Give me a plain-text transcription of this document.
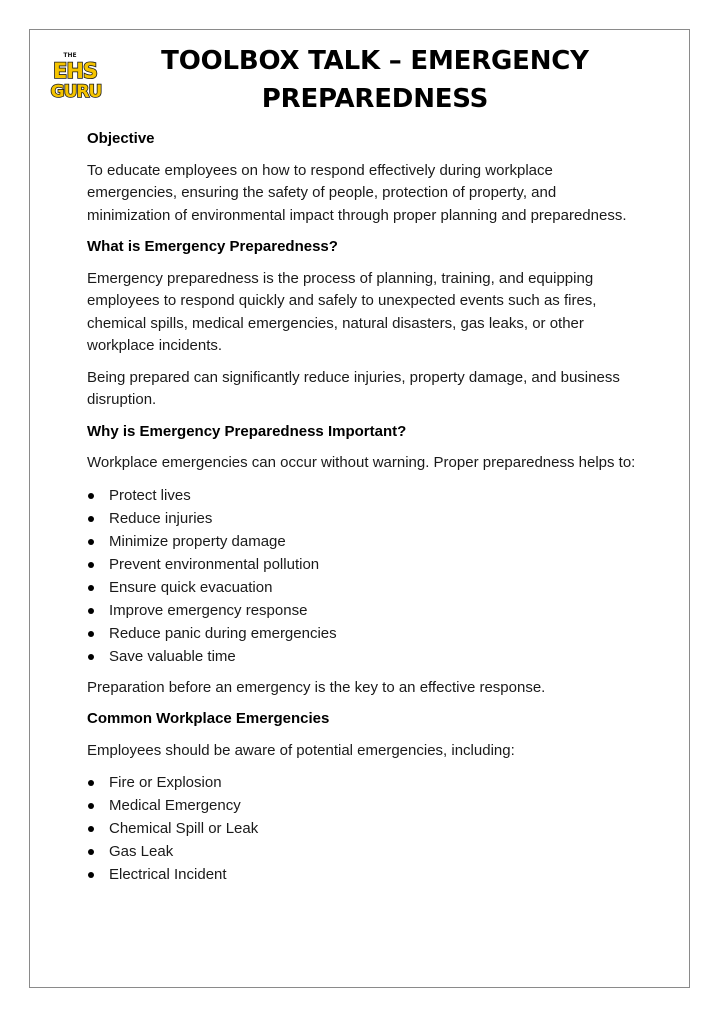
THE
EHS
GURU
TOOLBOX TALK – EMERGENCY
PREPAREDNESS
Objective
To educate employees on how to respond effectively during workplace emergencies, ensuring the safety of people, protection of property, and minimization of environmental impact through proper planning and preparedness.
What is Emergency Preparedness?
Emergency preparedness is the process of planning, training, and equipping employees to respond quickly and safely to unexpected events such as fires, chemical spills, medical emergencies, natural disasters, gas leaks, or other workplace incidents.
Being prepared can significantly reduce injuries, property damage, and business disruption.
Why is Emergency Preparedness Important?
Workplace emergencies can occur without warning. Proper preparedness helps to:
Protect lives
Reduce injuries
Minimize property damage
Prevent environmental pollution
Ensure quick evacuation
Improve emergency response
Reduce panic during emergencies
Save valuable time
Preparation before an emergency is the key to an effective response.
Common Workplace Emergencies
Employees should be aware of potential emergencies, including:
Fire or Explosion
Medical Emergency
Chemical Spill or Leak
Gas Leak
Electrical Incident
